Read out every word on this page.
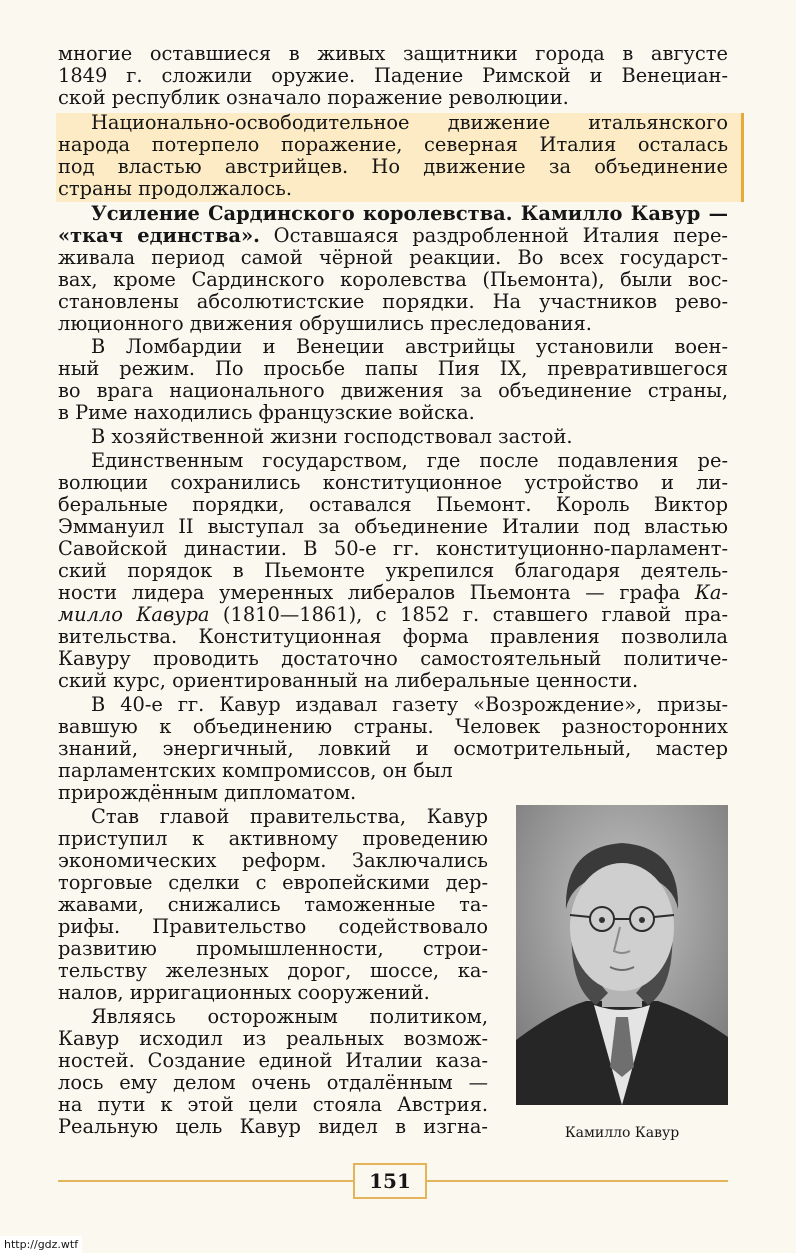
многие оставшиеся в живых защитники города в августе
1849 г. сложили оружие. Падение Римской и Венециан-
ской республик означало поражение революции.
Национально-освободительное движение итальянского
народа потерпело поражение, северная Италия осталась
под властью австрийцев. Но движение за объединение
страны продолжалось.
Усиление Сардинского королевства. Камилло Кавур —
«ткач единства». Оставшаяся раздробленной Италия пере-
живала период самой чёрной реакции. Во всех государст-
вах, кроме Сардинского королевства (Пьемонта), были вос-
становлены абсолютистские порядки. На участников рево-
люционного движения обрушились преследования.
В Ломбардии и Венеции австрийцы установили воен-
ный режим. По просьбе папы Пия IX, превратившегося
во врага национального движения за объединение страны,
в Риме находились французские войска.
В хозяйственной жизни господствовал застой.
Единственным государством, где после подавления ре-
волюции сохранились конституционное устройство и ли-
беральные порядки, оставался Пьемонт. Король Виктор
Эммануил II выступал за объединение Италии под властью
Савойской династии. В 50-е гг. конституционно-парламент-
ский порядок в Пьемонте укрепился благодаря деятель-
ности лидера умеренных либералов Пьемонта — графа Ка-
милло Кавура (1810—1861), с 1852 г. ставшего главой пра-
вительства. Конституционная форма правления позволила
Кавуру проводить достаточно самостоятельный политиче-
ский курс, ориентированный на либеральные ценности.
В 40-е гг. Кавур издавал газету «Возрождение», призы-
вавшую к объединению страны. Человек разносторонних
знаний, энергичный, ловкий и осмотрительный, мастер
парламентских компромиссов, он был
прирождённым дипломатом.
Став главой правительства, Кавур
приступил к активному проведению
экономических реформ. Заключались
торговые сделки с европейскими дер-
жавами, снижались таможенные та-
рифы. Правительство содействовало
развитию промышленности, строи-
тельству железных дорог, шоссе, ка-
налов, ирригационных сооружений.
Являясь осторожным политиком,
Кавур исходил из реальных возмож-
ностей. Создание единой Италии каза-
лось ему делом очень отдалённым —
на пути к этой цели стояла Австрия.
Реальную цель Кавур видел в изгна-	Камилло Кавур
151
http://gdz.wtf
